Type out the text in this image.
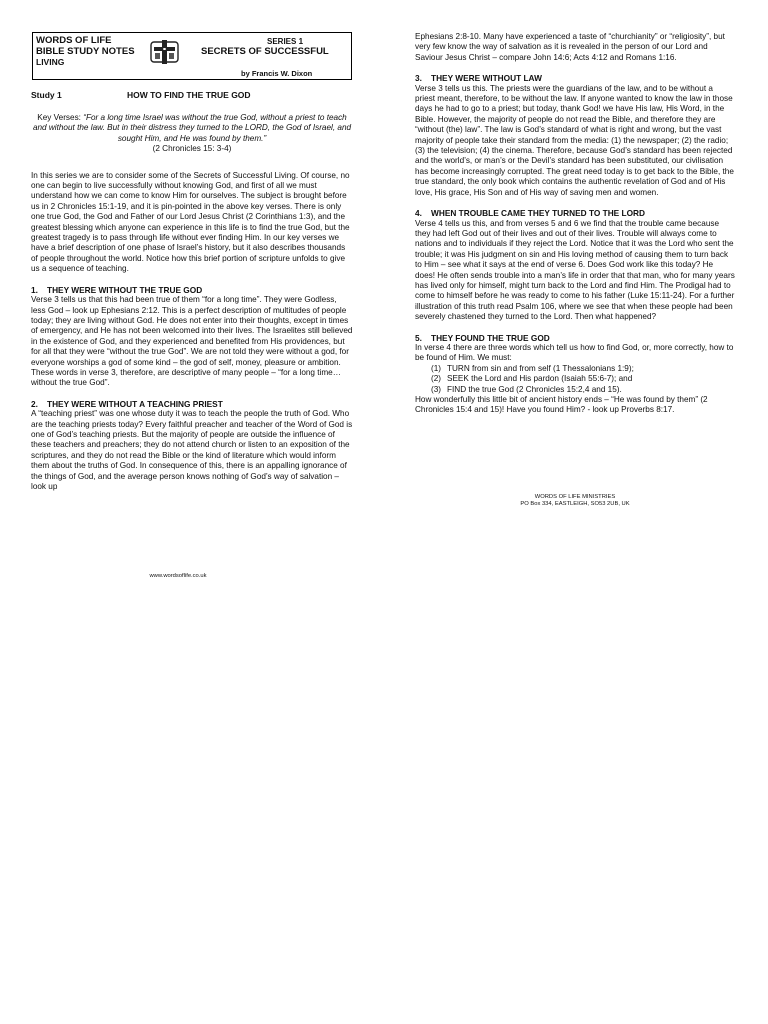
WORDS OF LIFE
BIBLE STUDY NOTES
LIVING
SERIES 1
SECRETS OF SUCCESSFUL
by Francis W. Dixon
Study 1	HOW TO FIND THE TRUE GOD
Key Verses: “For a long time Israel was without the true God, without a priest to teach and without the law. But in their distress they turned to the LORD, the God of Israel, and sought Him, and He was found by them.”
(2 Chronicles 15: 3-4)

In this series we are to consider some of the Secrets of Successful Living. Of course, no one can begin to live successfully without knowing God, and first of all we must understand how we can come to know Him for ourselves. The subject is brought before us in 2 Chronicles 15:1-19, and it is pin-pointed in the above key verses. There is only one true God, the God and Father of our Lord Jesus Christ (2 Corinthians 1:3), and the greatest blessing which anyone can experience in this life is to find the true God, but the greatest tragedy is to pass through life without ever finding Him. In our key verses we have a brief description of one phase of Israel’s history, but it also describes thousands of people throughout the world. Notice how this brief portion of scripture unfolds to give us a sequence of teaching.

1. THEY WERE WITHOUT THE TRUE GOD

Verse 3 tells us that this had been true of them “for a long time”. They were Godless, less God – look up Ephesians 2:12. This is a perfect description of multitudes of people today; they are living without God. He does not enter into their thoughts, except in times of emergency, and He has not been welcomed into their lives. The Israelites still believed in the existence of God, and they experienced and benefited from His providences, but for all that they were “without the true God”. We are not told they were without a god, for everyone worships a god of some kind – the god of self, money, pleasure or ambition. These words in verse 3, therefore, are descriptive of many people – “for a long time…without the true God”.

2. THEY WERE WITHOUT A TEACHING PRIEST

A “teaching priest” was one whose duty it was to teach the people the truth of God. Who are the teaching priests today? Every faithful preacher and teacher of the Word of God is one of God’s teaching priests. But the majority of people are outside the influence of these teachers and preachers; they do not attend church or listen to an exposition of the scriptures, and they do not read the Bible or the kind of literature which would inform them about the truths of God. In consequence of this, there is an appalling ignorance of the things of God, and the average person knows nothing of God’s way of salvation – look up

Ephesians 2:8-10. Many have experienced a taste of “churchianity” or “religiosity”, but very few know the way of salvation as it is revealed in the person of our Lord and Saviour Jesus Christ – compare John 14:6; Acts 4:12 and Romans 1:16.

3. THEY WERE WITHOUT LAW

Verse 3 tells us this. The priests were the guardians of the law, and to be without a priest meant, therefore, to be without the law. If anyone wanted to know the law in those days he had to go to a priest; but today, thank God! we have His law, His Word, in the Bible. However, the majority of people do not read the Bible, and therefore they are “without (the) law”. The law is God’s standard of what is right and wrong, but the vast majority of people take their standard from the media: (1) the newspaper; (2) the radio; (3) the television; (4) the cinema. Therefore, because God’s standard has been rejected and the world’s, or man’s or the Devil’s standard has been substituted, our civilisation has become increasingly corrupted. The great need today is to get back to the Bible, the true standard, the only book which contains the authentic revelation of God and of His love, His grace, His Son and of His way of saving men and women.

4. WHEN TROUBLE CAME THEY TURNED TO THE LORD

Verse 4 tells us this, and from verses 5 and 6 we find that the trouble came because they had left God out of their lives and out of their lives. Trouble will always come to nations and to individuals if they reject the Lord. Notice that it was the Lord who sent the trouble; it was His judgment on sin and His loving method of causing them to turn back to Him – see what it says at the end of verse 6. Does God work like this today? He does! He often sends trouble into a man’s life in order that that man, who for many years has lived only for himself, might turn back to the Lord and find Him. The Prodigal had to come to himself before he was ready to come to his father (Luke 15:11-24). For a further illustration of this truth read Psalm 106, where we see that when these people had been severely chastened they turned to the Lord. Then what happened?

5. THEY FOUND THE TRUE GOD

In verse 4 there are three words which tell us how to find God, or, more correctly, how to be found of Him. We must:

(1) TURN from sin and from self (1 Thessalonians 1:9);
(2) SEEK the Lord and His pardon (Isaiah 55:6-7); and
(3) FIND the true God (2 Chronicles 15:2,4 and 15).

How wonderfully this little bit of ancient history ends – “He was found by them” (2 Chronicles 15:4 and 15)! Have you found Him? - look up Proverbs 8:17.

WORDS OF LIFE MINISTRIES
PO Box 334, EASTLEIGH, SO53 2UB, UK
www.wordsoflife.co.uk
